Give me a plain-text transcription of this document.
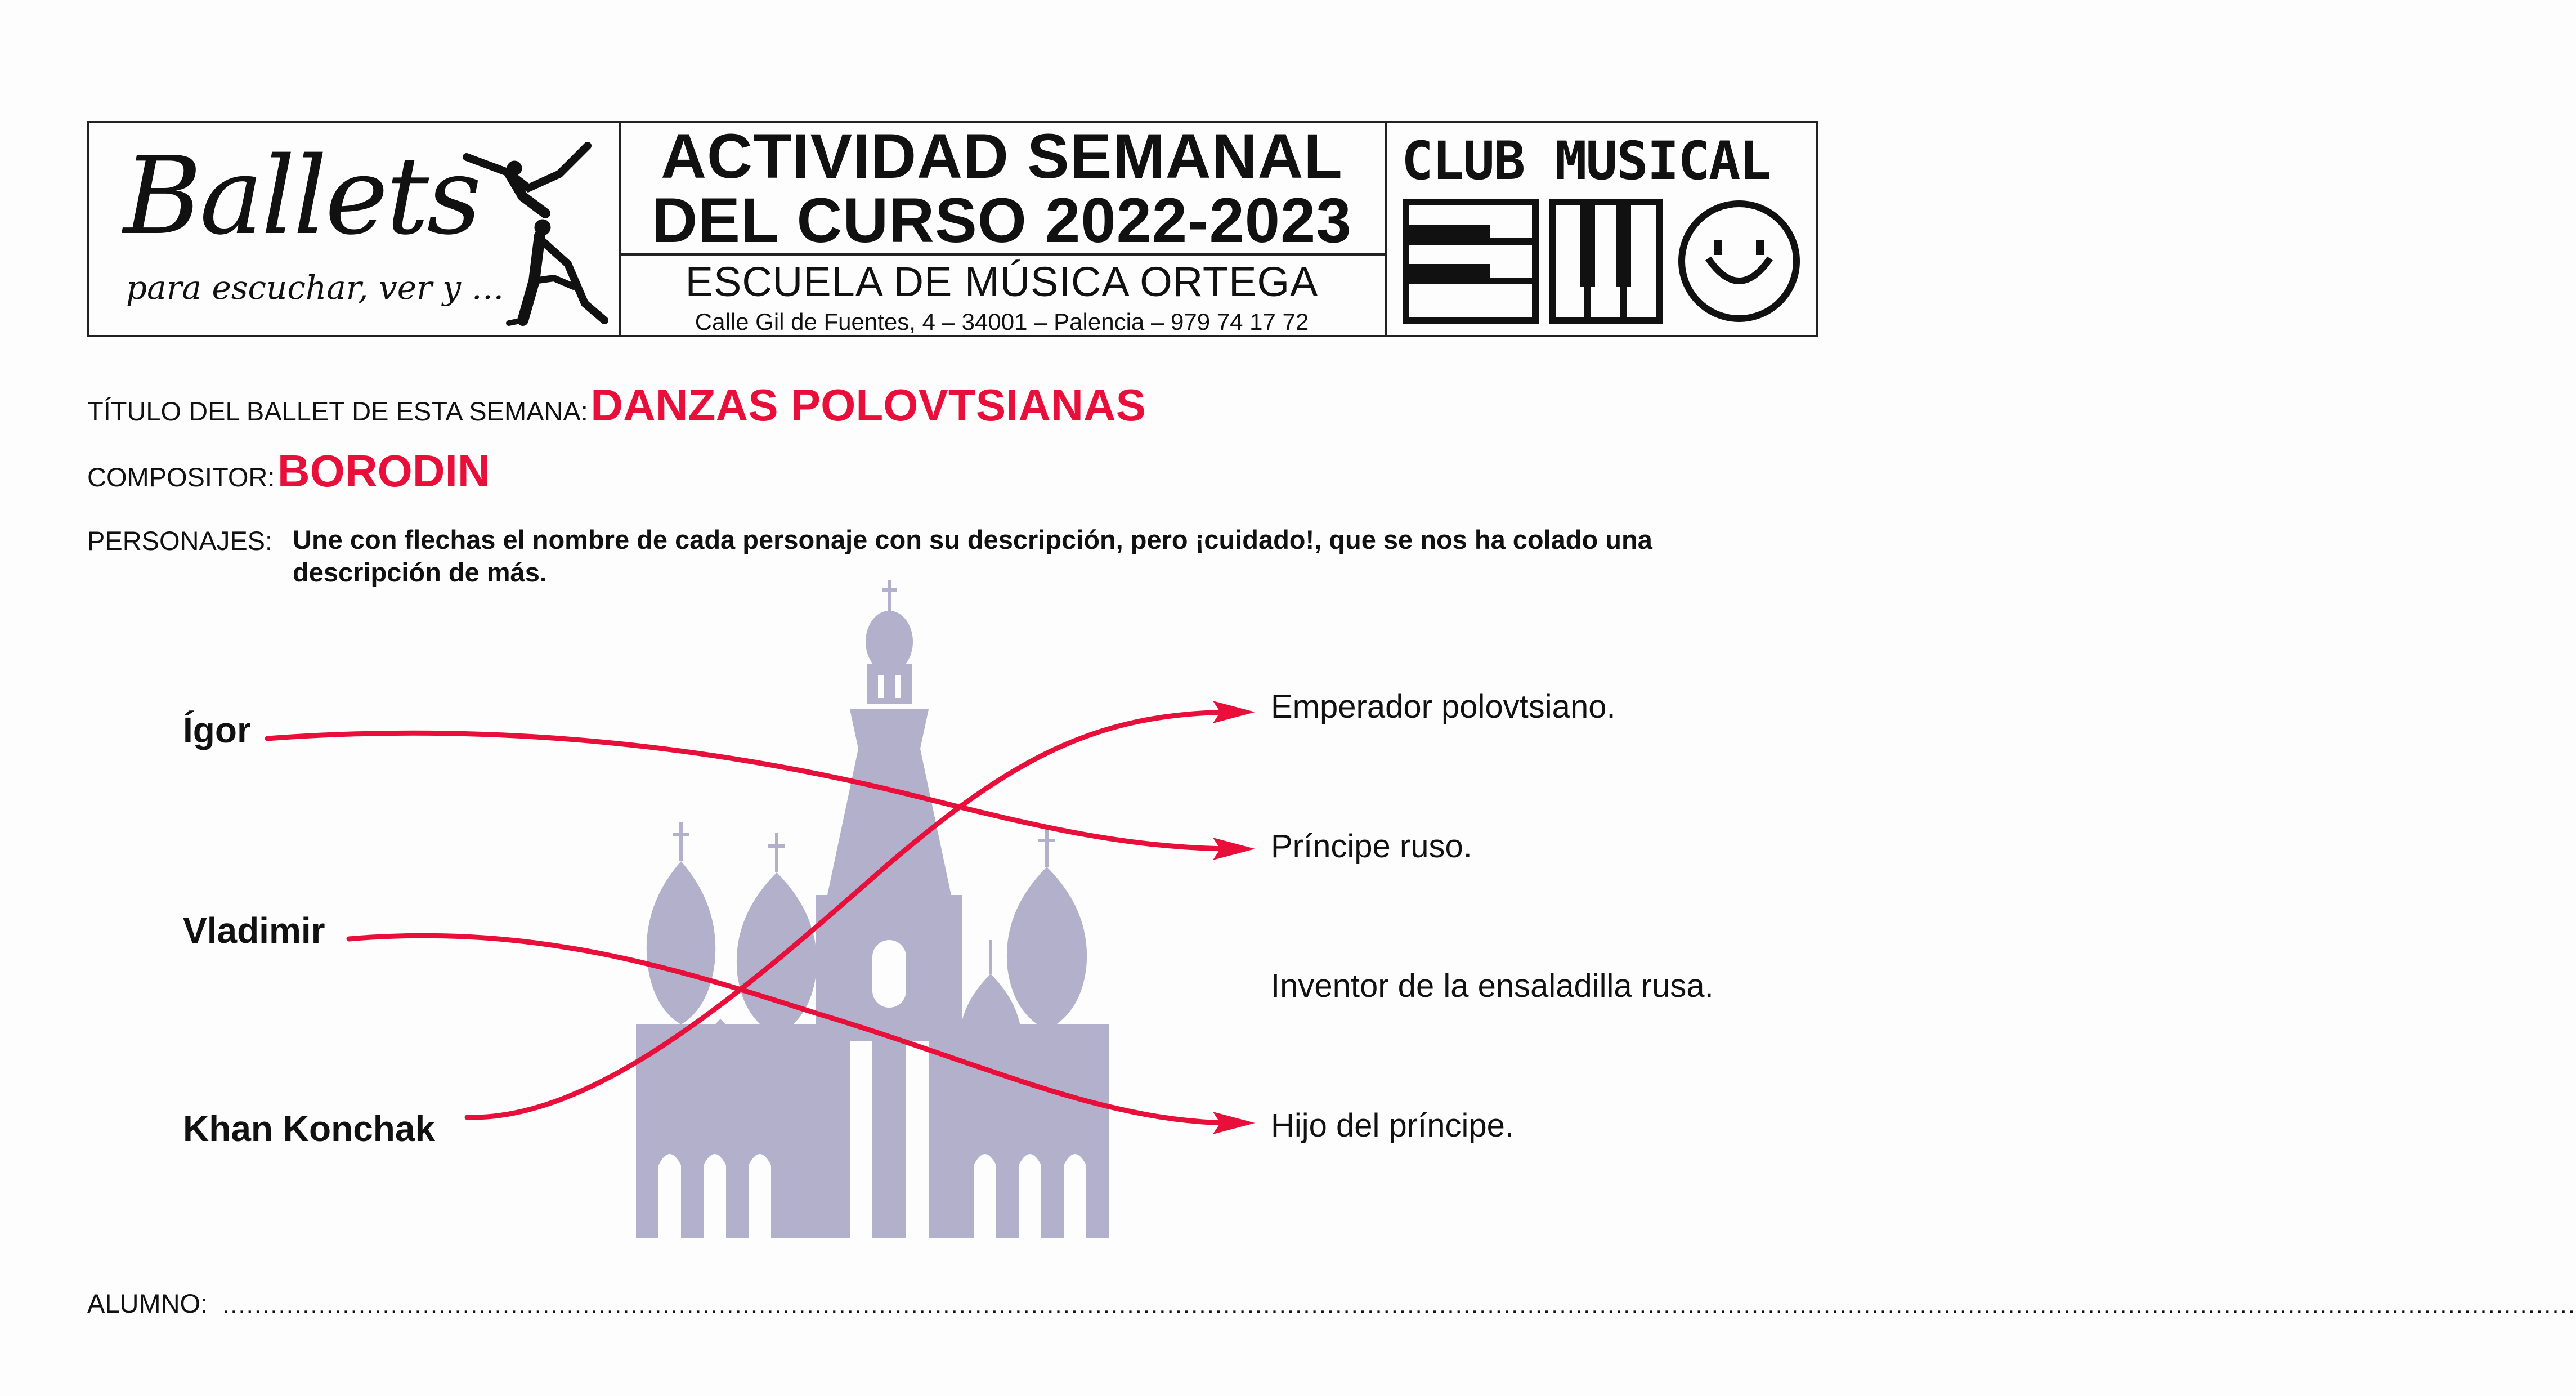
Ballets
para escuchar, ver y …
ACTIVIDAD SEMANAL
DEL CURSO 2022-2023
ESCUELA DE MÚSICA ORTEGA
Calle Gil de Fuentes, 4 – 34001 – Palencia – 979 74 17 72
CLUB MUSICAL
TÍTULO DEL BALLET DE ESTA SEMANA: DANZAS POLOVTSIANAS
COMPOSITOR: BORODIN
PERSONAJES: Une con flechas el nombre de cada personaje con su descripción, pero ¡cuidado!, que se nos ha colado una
descripción de más.
Ígor
Vladimir
Khan Konchak
Emperador polovtsiano.
Príncipe ruso.
Inventor de la ensaladilla rusa.
Hijo del príncipe.
ALUMNO: ......................................................................................................................................................................................................................................................................................................
